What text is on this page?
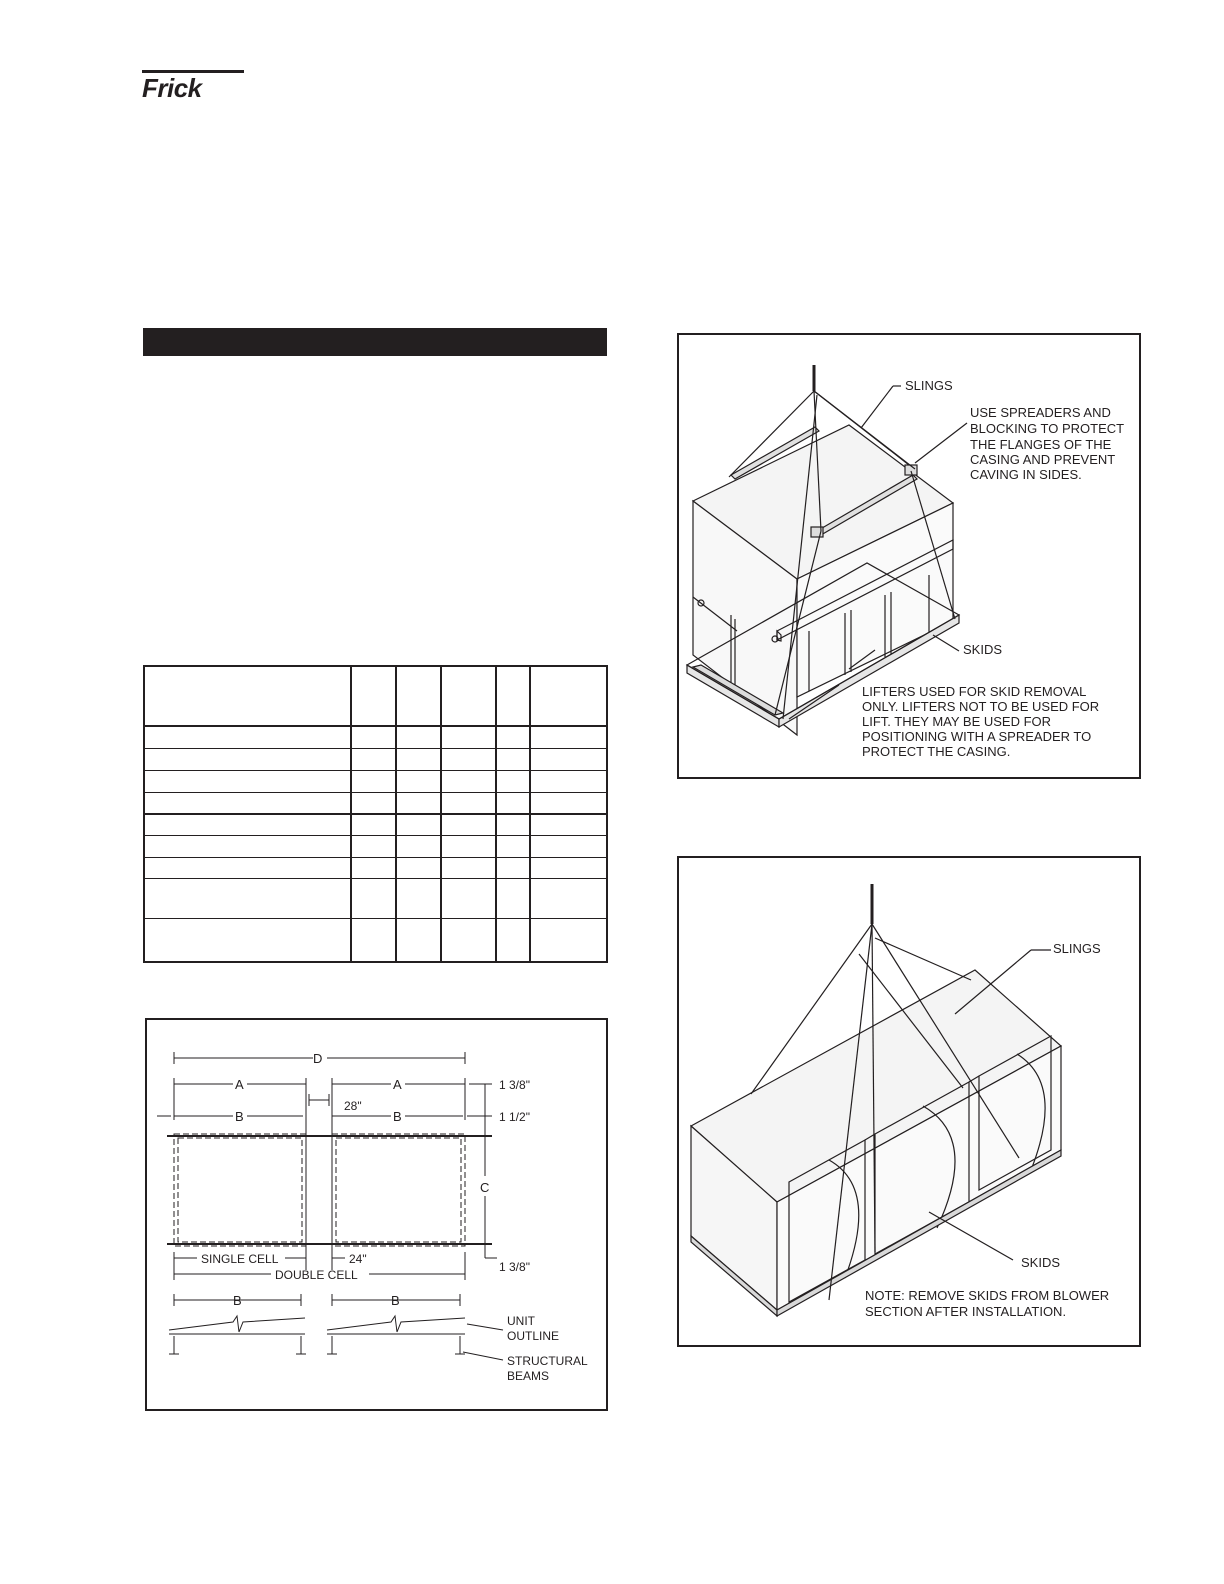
Frick
SLINGS
USE SPREADERS AND
BLOCKING TO PROTECT
THE FLANGES OF THE
CASING AND PREVENT
CAVING IN SIDES.
SKIDS
LIFTERS USED FOR SKID REMOVAL
ONLY. LIFTERS NOT TO BE USED FOR
LIFT. THEY MAY BE USED FOR
POSITIONING WITH A SPREADER TO
PROTECT THE CASING.
SLINGS
SKIDS
NOTE: REMOVE SKIDS FROM BLOWER
SECTION AFTER INSTALLATION.
D
A	A
B	B
28"
1 3/8"
1 1/2"
C
1 3/8"
SINGLE CELL	24"
DOUBLE CELL
B	B
UNIT
OUTLINE
STRUCTURAL
BEAMS
